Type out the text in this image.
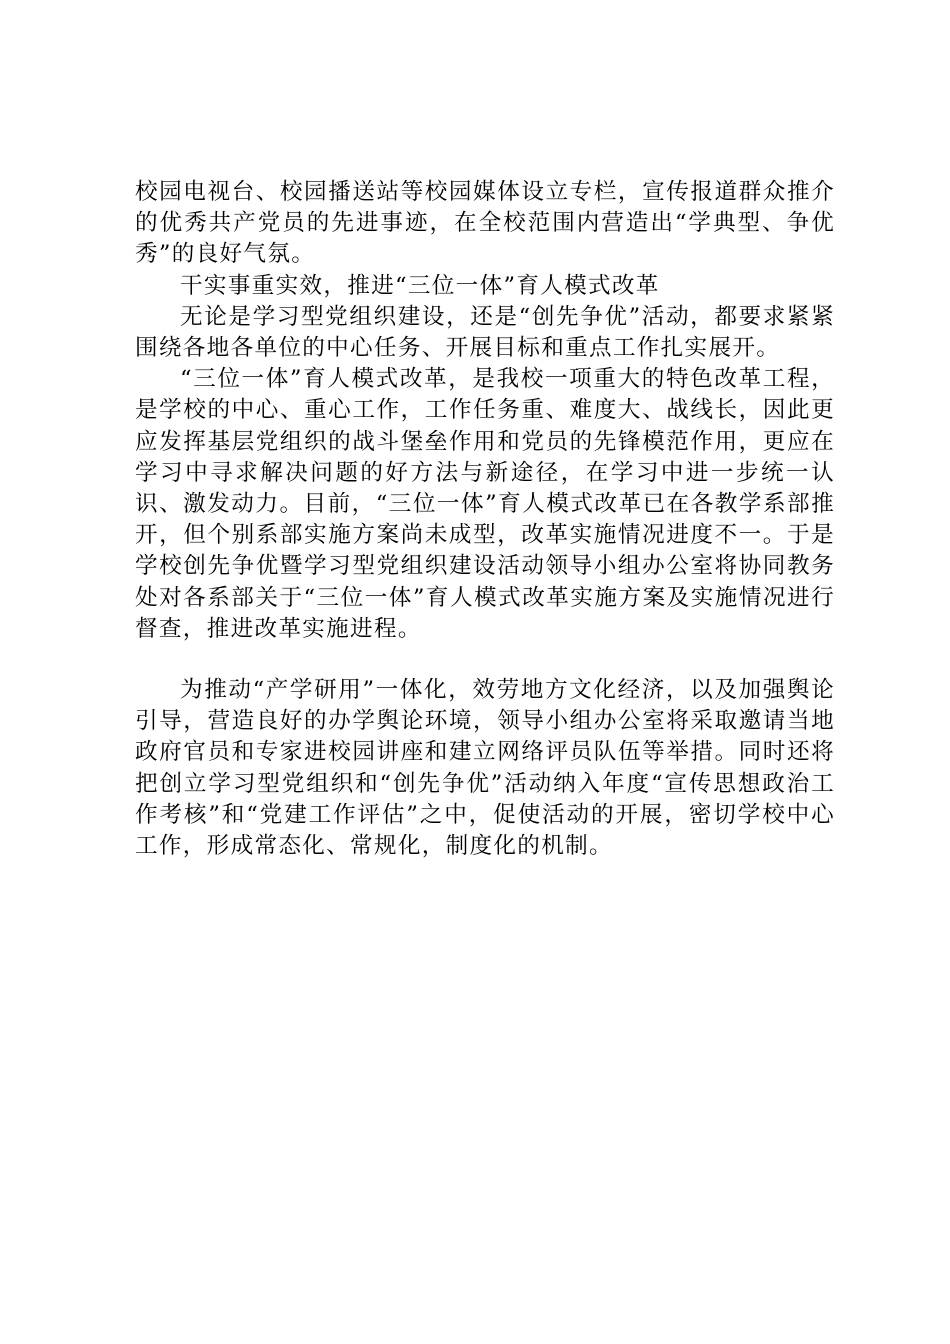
校园电视台、校园播送站等校园媒体设立专栏，宣传报道群众推介的优秀共产党员的先进事迹，在全校范围内营造出“学典型、争优秀”的良好气氛。

干实事重实效，推进“三位一体”育人模式改革

无论是学习型党组织建设，还是“创先争优”活动，都要求紧紧围绕各地各单位的中心任务、开展目标和重点工作扎实展开。

“三位一体”育人模式改革，是我校一项重大的特色改革工程，是学校的中心、重心工作，工作任务重、难度大、战线长，因此更应发挥基层党组织的战斗堡垒作用和党员的先锋模范作用，更应在学习中寻求解决问题的好方法与新途径，在学习中进一步统一认识、激发动力。目前，“三位一体”育人模式改革已在各教学系部推开，但个别系部实施方案尚未成型，改革实施情况进度不一。于是学校创先争优暨学习型党组织建设活动领导小组办公室将协同教务处对各系部关于“三位一体”育人模式改革实施方案及实施情况进行督查，推进改革实施进程。

为推动“产学研用”一体化，效劳地方文化经济，以及加强舆论引导，营造良好的办学舆论环境，领导小组办公室将采取邀请当地政府官员和专家进校园讲座和建立网络评员队伍等举措。同时还将把创立学习型党组织和“创先争优”活动纳入年度“宣传思想政治工作考核”和“党建工作评估”之中，促使活动的开展，密切学校中心工作，形成常态化、常规化，制度化的机制。
